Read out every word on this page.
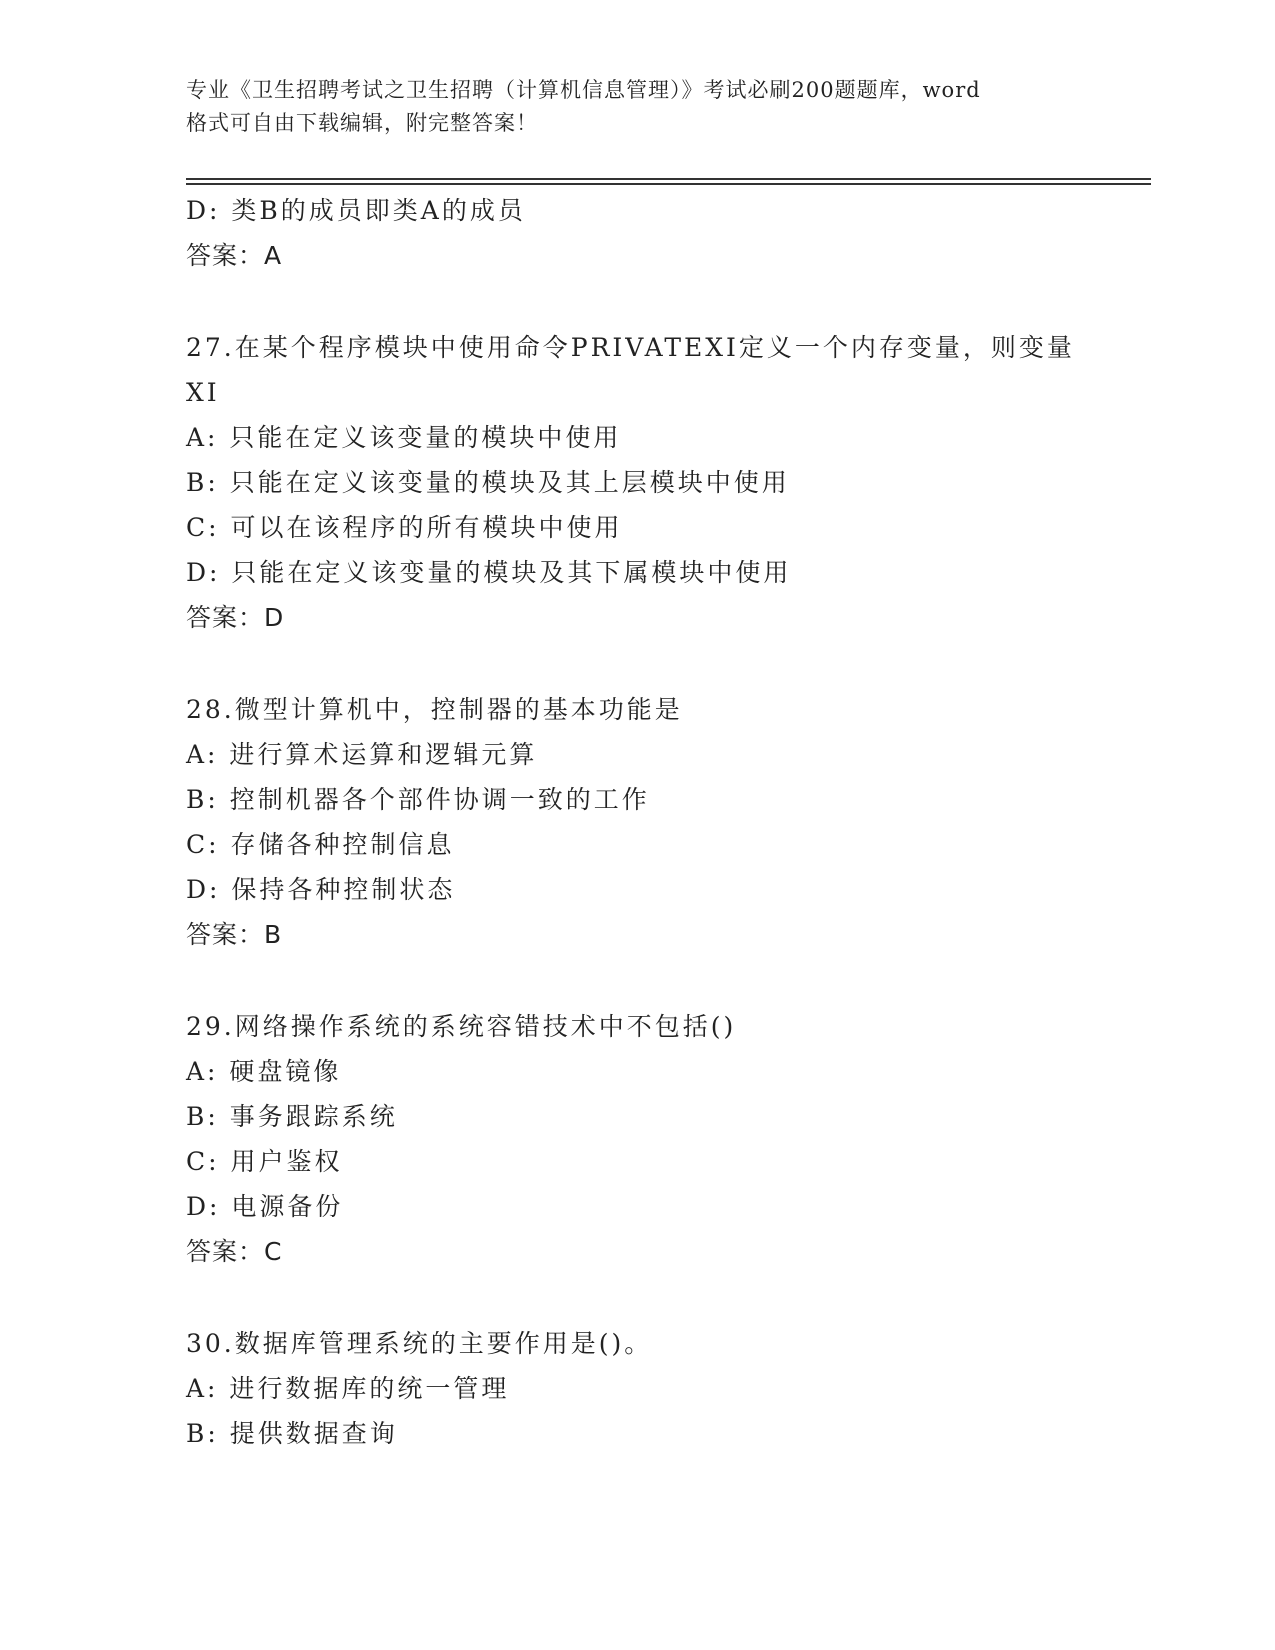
专业《卫生招聘考试之卫生招聘（计算机信息管理）》考试必刷200题题库，word
格式可自由下载编辑，附完整答案！
D: 类B的成员即类A的成员
答案：A
27.在某个程序模块中使用命令PRIVATEXI定义一个内存变量，则变量
XI
A: 只能在定义该变量的模块中使用
B: 只能在定义该变量的模块及其上层模块中使用
C: 可以在该程序的所有模块中使用
D: 只能在定义该变量的模块及其下属模块中使用
答案：D
28.微型计算机中，控制器的基本功能是
A: 进行算术运算和逻辑元算
B: 控制机器各个部件协调一致的工作
C: 存储各种控制信息
D: 保持各种控制状态
答案：B
29.网络操作系统的系统容错技术中不包括()
A: 硬盘镜像
B: 事务跟踪系统
C: 用户鉴权
D: 电源备份
答案：C
30.数据库管理系统的主要作用是()。
A: 进行数据库的统一管理
B: 提供数据查询
